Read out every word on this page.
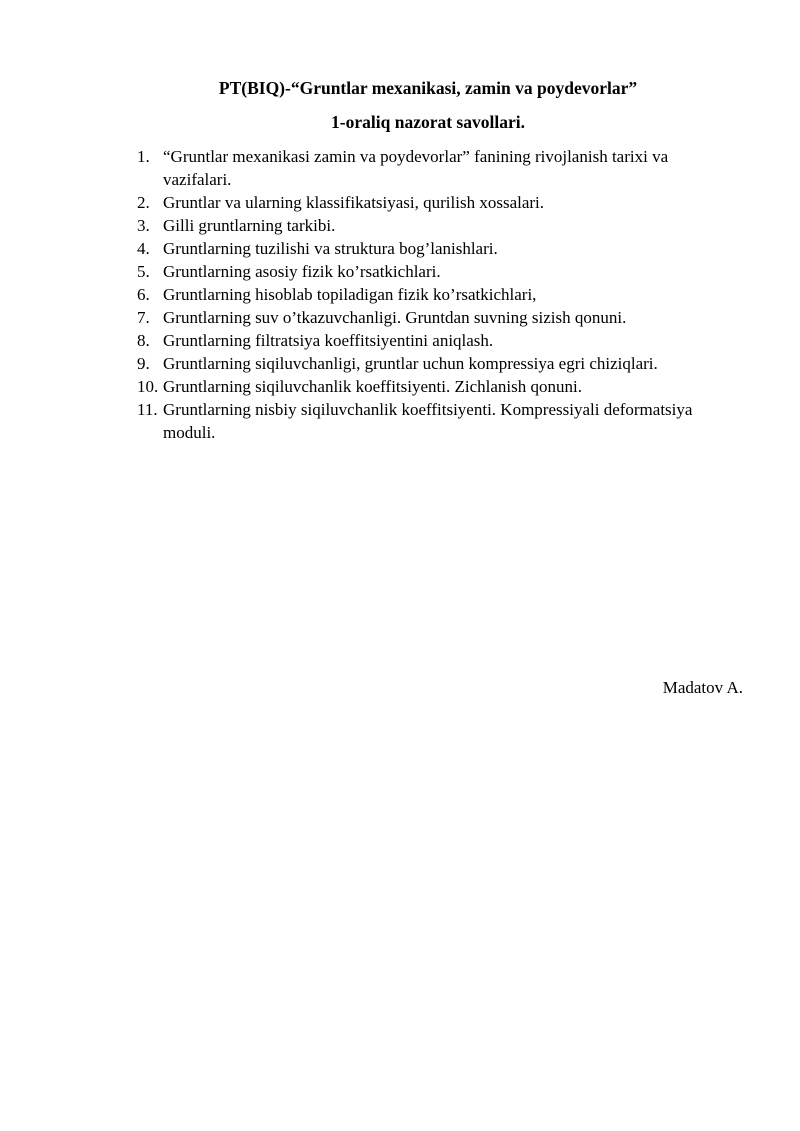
PT(BIQ)-“Gruntlar mexanikasi, zamin va poydevorlar”
1-oraliq nazorat savollari.
1. “Gruntlar mexanikasi zamin va poydevorlar” fanining rivojlanish tarixi va vazifalari.
2. Gruntlar va ularning klassifikatsiyasi, qurilish xossalari.
3. Gilli gruntlarning tarkibi.
4. Gruntlarning tuzilishi va struktura bog’lanishlari.
5. Gruntlarning asosiy fizik ko’rsatkichlari.
6. Gruntlarning hisoblab topiladigan fizik ko’rsatkichlari,
7. Gruntlarning suv o’tkazuvchanligi. Gruntdan suvning sizish qonuni.
8. Gruntlarning filtratsiya koeffitsiyentini aniqlash.
9. Gruntlarning siqiluvchanligi, gruntlar uchun kompressiya egri chiziqlari.
10. Gruntlarning siqiluvchanlik koeffitsiyenti. Zichlanish qonuni.
11. Gruntlarning nisbiy siqiluvchanlik koeffitsiyenti. Kompressiyali deformatsiya moduli.
Madatov A.
